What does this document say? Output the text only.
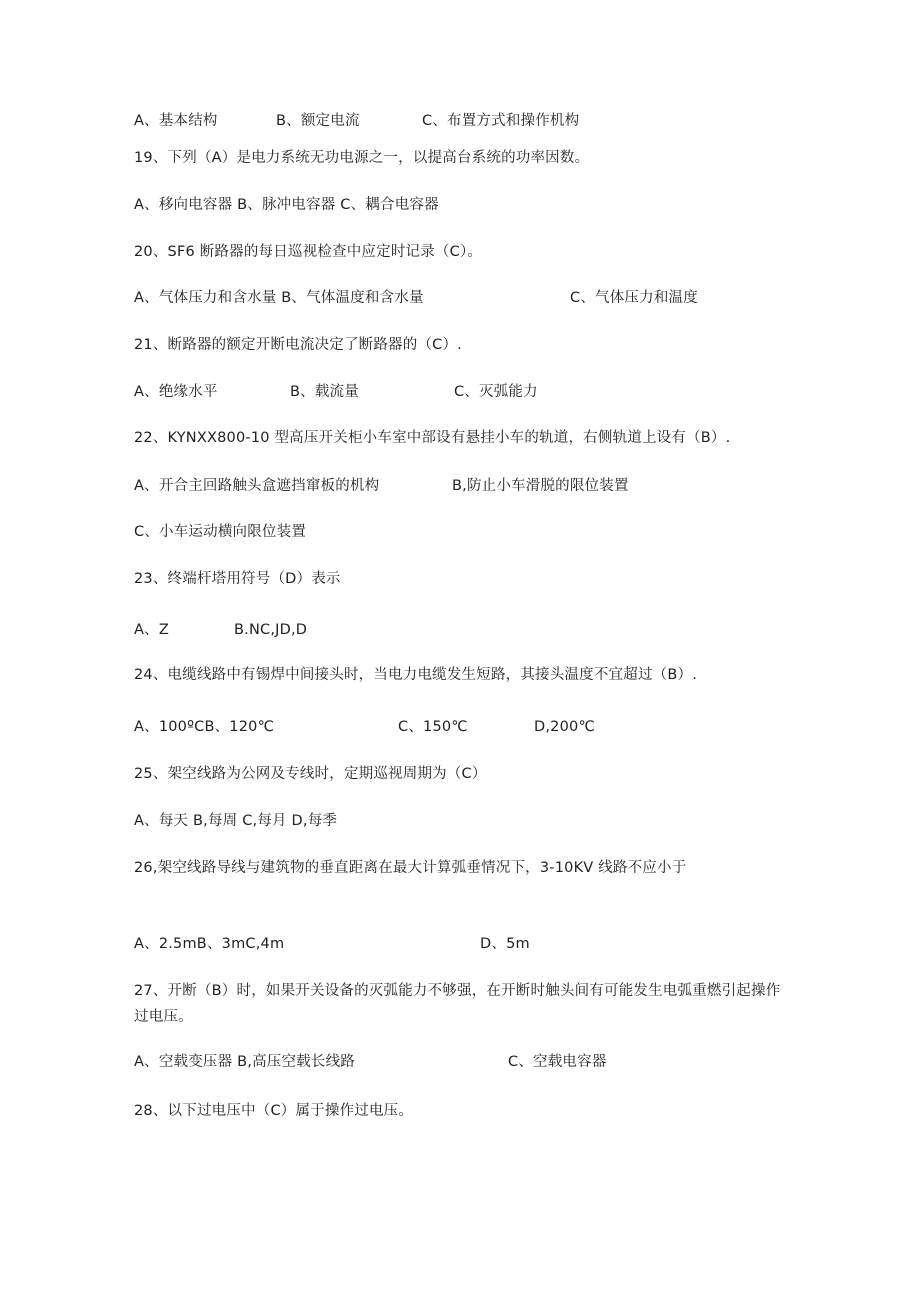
A、基本结构	B、额定电流	C、布置方式和操作机构
19、下列（A）是电力系统无功电源之一，以提高台系统的功率因数。
A、移向电容器 B、脉冲电容器 C、耦合电容器
20、SF6 断路器的每日巡视检查中应定时记录（C）。
A、气体压力和含水量 B、气体温度和含水量	C、气体压力和温度
21、断路器的额定开断电流决定了断路器的（C）.
A、绝缘水平	B、载流量	C、灭弧能力
22、KYNXX800-10 型高压开关柜小车室中部设有悬挂小车的轨道，右侧轨道上设有（B）.
A、开合主回路触头盒遮挡窜板的机构	B,防止小车滑脱的限位装置
C、小车运动横向限位装置
23、终端杆塔用符号（D）表示
A、Z	B.NC,JD,D
24、电缆线路中有锡焊中间接头时，当电力电缆发生短路，其接头温度不宜超过（B）.
A、100ºCB、120℃	C、150℃	D,200℃
25、架空线路为公网及专线时，定期巡视周期为（C）
A、每天 B,每周 C,每月 D,每季
26,架空线路导线与建筑物的垂直距离在最大计算弧垂情况下，3-10KV 线路不应小于
A、2.5mB、3mC,4m	D、5m
27、开断（B）时，如果开关设备的灭弧能力不够强，在开断时触头间有可能发生电弧重燃引起操作过电压。
A、空载变压器 B,高压空载长线路	C、空载电容器
28、以下过电压中（C）属于操作过电压。
